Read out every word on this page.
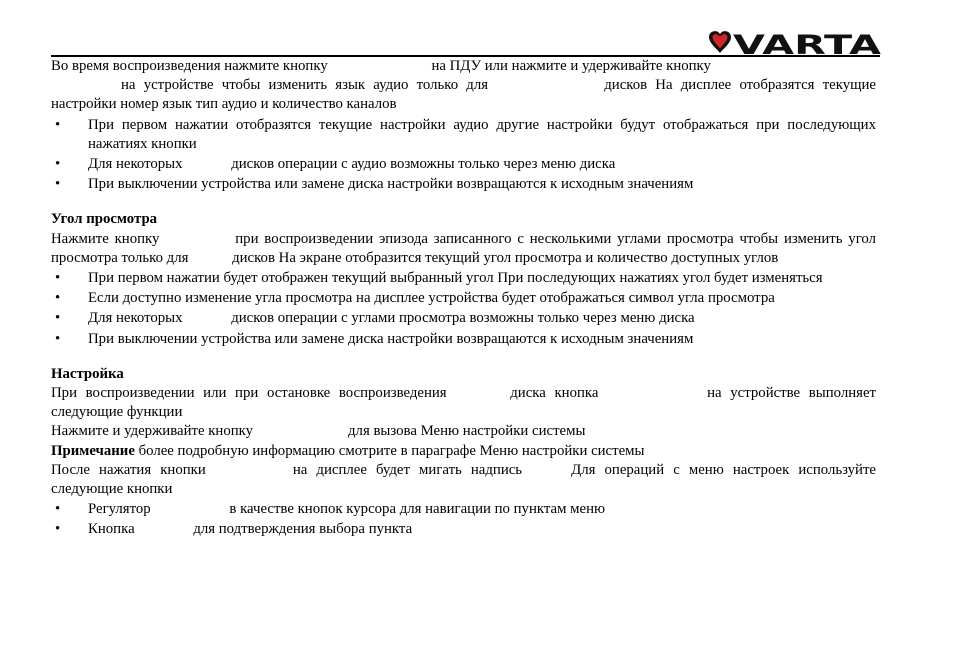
VARTA

Во время воспроизведения нажмите кнопку	на ПДУ или нажмите и удерживайте кнопку
на устройстве чтобы изменить язык аудио только для	дисков На дисплее отобразятся текущие настройки номер язык тип аудио и количество каналов

• При первом нажатии отобразятся текущие настройки аудио другие настройки будут отображаться при последующих нажатиях кнопки
• Для некоторых	дисков операции с аудио возможны только через меню диска
• При выключении устройства или замене диска настройки возвращаются к исходным значениям

Угол просмотра

Нажмите кнопку	при воспроизведении эпизода записанного с несколькими углами просмотра чтобы изменить угол просмотра только для	дисков На экране отобразится текущий угол просмотра и количество доступных углов

• При первом нажатии будет отображен текущий выбранный угол При последующих нажатиях угол будет изменяться
• Если доступно изменение угла просмотра на дисплее устройства будет отображаться символ угла просмотра
• Для некоторых	дисков операции с углами просмотра возможны только через меню диска
• При выключении устройства или замене диска настройки возвращаются к исходным значениям

Настройка

При воспроизведении или при остановке воспроизведения	диска кнопка	на устройстве выполняет следующие функции

Нажмите и удерживайте кнопку	для вызова Меню настройки системы

Примечание более подробную информацию смотрите в параграфе Меню настройки системы

После нажатия кнопки	на дисплее будет мигать надпись	Для операций с меню настроек используйте следующие кнопки

• Регулятор	в качестве кнопок курсора для навигации по пунктам меню
• Кнопка	для подтверждения выбора пункта
